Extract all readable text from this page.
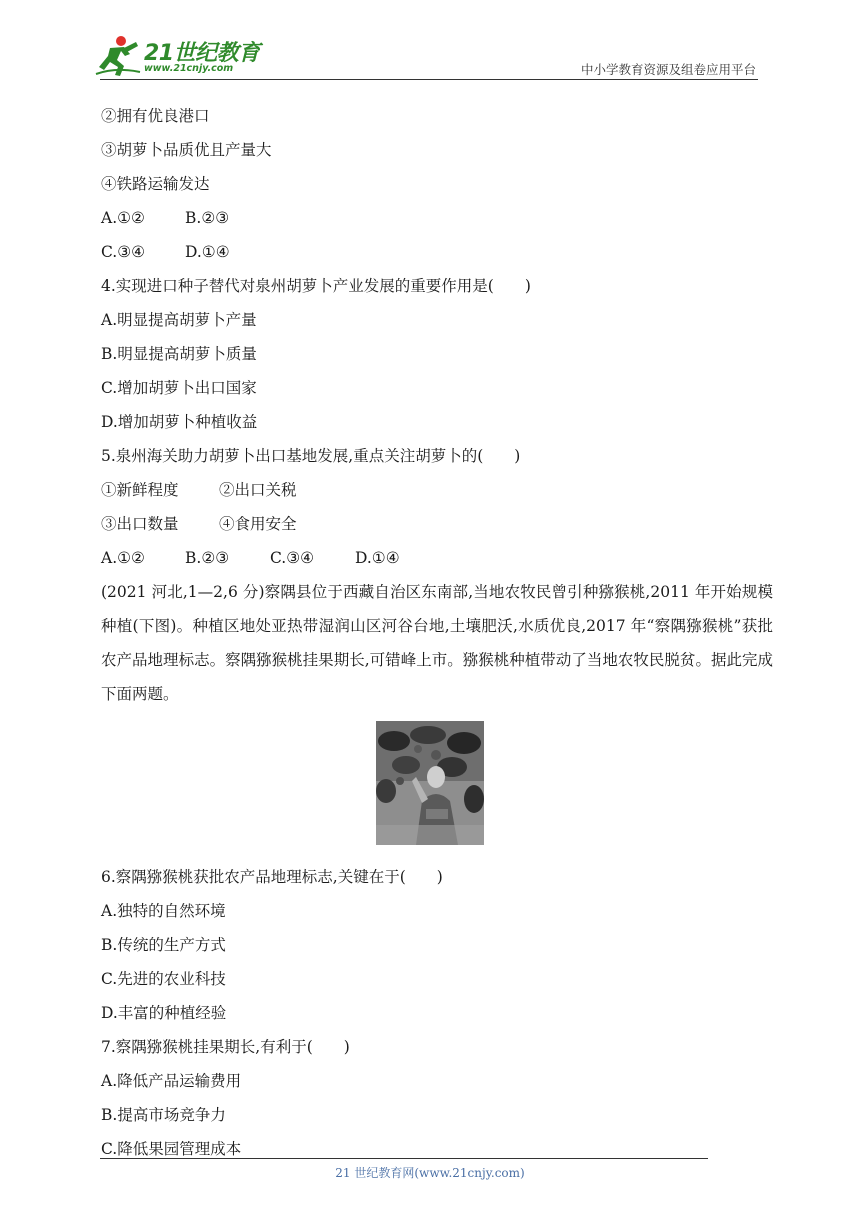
21世纪教育
www.21cnjy.com	中小学教育资源及组卷应用平台
②拥有优良港口
③胡萝卜品质优且产量大
④铁路运输发达
A.①②	B.②③
C.③④	D.①④
4.实现进口种子替代对泉州胡萝卜产业发展的重要作用是(　　)
A.明显提高胡萝卜产量
B.明显提高胡萝卜质量
C.增加胡萝卜出口国家
D.增加胡萝卜种植收益
5.泉州海关助力胡萝卜出口基地发展,重点关注胡萝卜的(　　)
①新鲜程度	②出口关税
③出口数量	④食用安全
A.①②	B.②③	C.③④	D.①④

(2021 河北,1—2,6 分)察隅县位于西藏自治区东南部,当地农牧民曾引种猕猴桃,2011 年开始规模种植(下图)。种植区地处亚热带湿润山区河谷台地,土壤肥沃,水质优良,2017 年“察隅猕猴桃”获批农产品地理标志。察隅猕猴桃挂果期长,可错峰上市。猕猴桃种植带动了当地农牧民脱贫。据此完成下面两题。

6.察隅猕猴桃获批农产品地理标志,关键在于(　　)
A.独特的自然环境
B.传统的生产方式
C.先进的农业科技
D.丰富的种植经验
7.察隅猕猴桃挂果期长,有利于(　　)
A.降低产品运输费用
B.提高市场竞争力
C.降低果园管理成本
21 世纪教育网(www.21cnjy.com)
